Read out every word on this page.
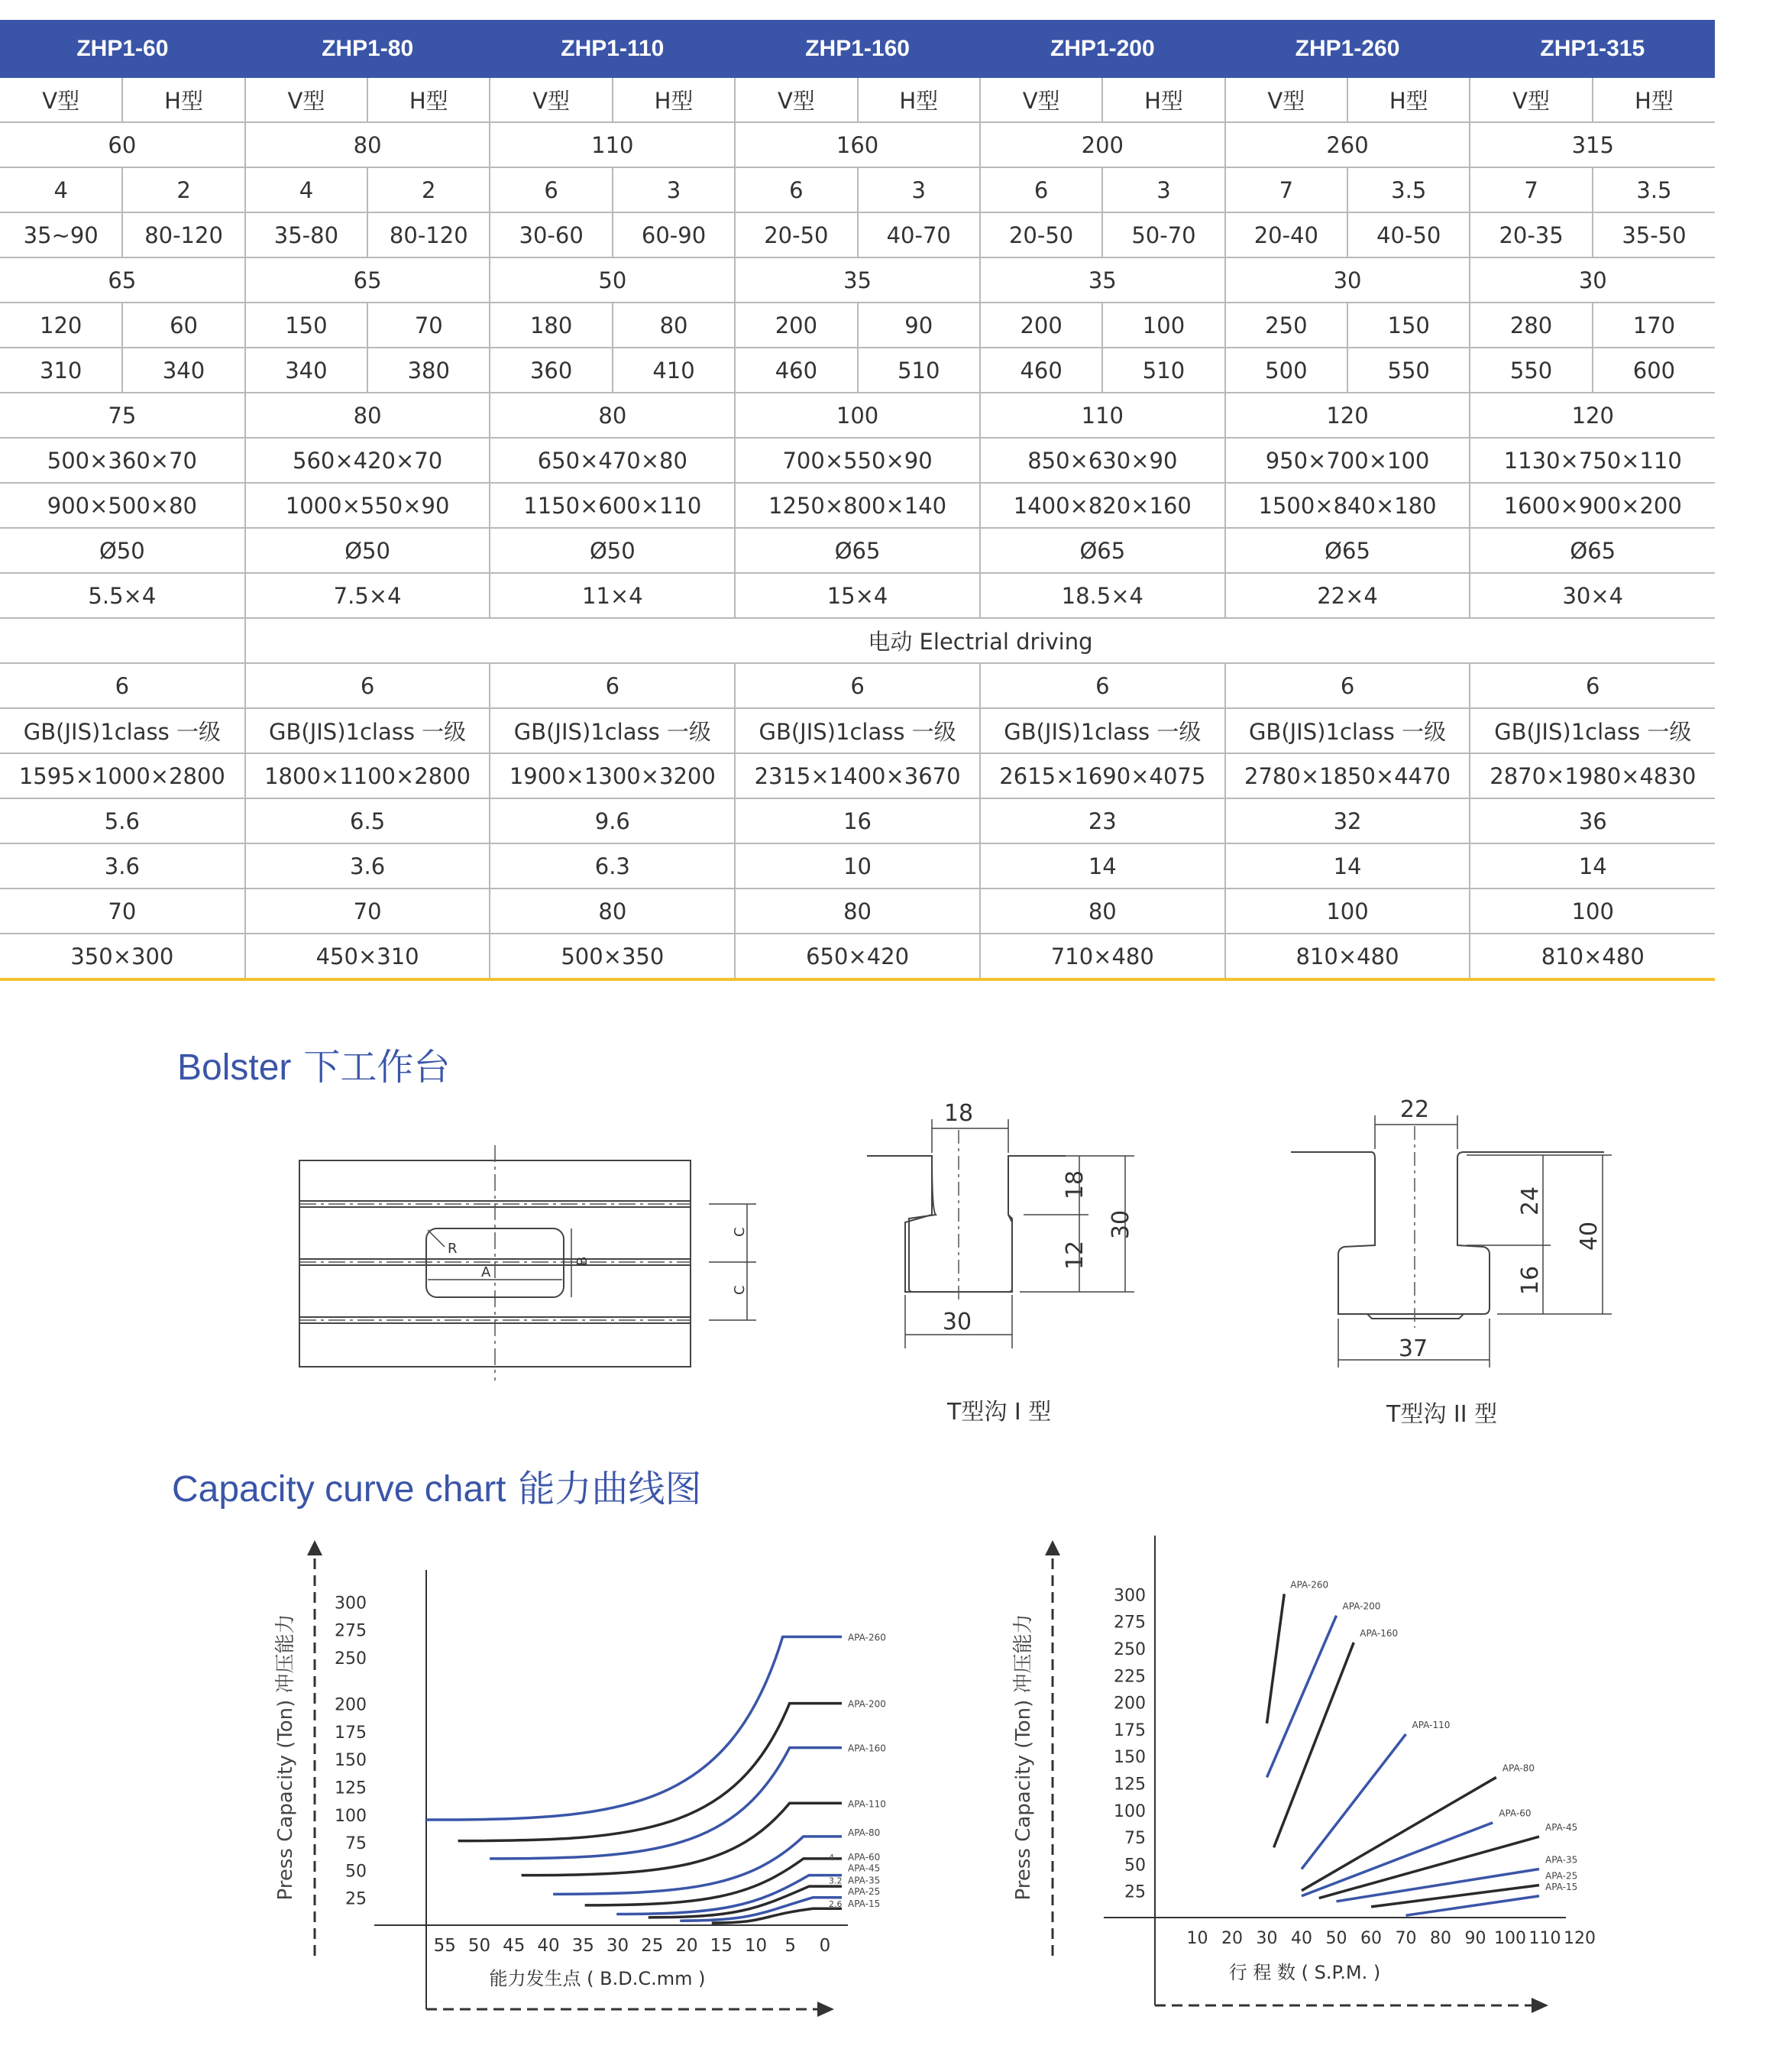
ZHP1-60		ZHP1-80		ZHP1-110		ZHP1-160		ZHP1-200		ZHP1-260		ZHP1-315	
V型	H型	V型	H型	V型	H型	V型	H型	V型	H型	V型	H型	V型	H型
60		80		110		160		200		260		315	
4	2	4	2	6	3	6	3	6	3	7	3.5	7	3.5
35~90	80-120	35-80	80-120	30-60	60-90	20-50	40-70	20-50	50-70	20-40	40-50	20-35	35-50
65		65		50		35		35		30		30	
120	60	150	70	180	80	200	90	200	100	250	150	280	170
310	340	340	380	360	410	460	510	460	510	500	550	550	600
75		80		80		100		110		120		120	
500×360×70		560×420×70		650×470×80		700×550×90		850×630×90		950×700×100		1130×750×110	
900×500×80		1000×550×90		1150×600×110		1250×800×140		1400×820×160		1500×840×180		1600×900×200	
Ø50		Ø50		Ø50		Ø65		Ø65		Ø65		Ø65	
5.5×4		7.5×4		11×4		15×4		18.5×4		22×4		30×4	
		电动 Electrial driving											
6		6		6		6		6		6		6	
GB(JIS)1class 一级		GB(JIS)1class 一级		GB(JIS)1class 一级		GB(JIS)1class 一级		GB(JIS)1class 一级		GB(JIS)1class 一级		GB(JIS)1class 一级	
1595×1000×2800		1800×1100×2800		1900×1300×3200		2315×1400×3670		2615×1690×4075		2780×1850×4470		2870×1980×4830	
5.6		6.5		9.6		16		23		32		36	
3.6		3.6		6.3		10		14		14		14	
70		70		80		80		80		100		100	
350×300		450×310		500×350		650×420		710×480		810×480		810×480	
Bolster 下工作台
R
A
B
C
C
18
30
18
12
30
T型沟 I 型
22
37
24
16
40
T型沟 II 型
Capacity curve chart 能力曲线图
Press Capacity (Ton) 冲压能力
能力发生点 ( B.D.C.mm )
300
275
250
200
175
150
125
100
75
50
25
55 50 45 40 35 30 25 20 15 10 5 0
APA-260
APA-200
APA-160
APA-110
APA-80
APA-60
APA-45
APA-35
APA-25
APA-15
4
3.2
2.6
Press Capacity (Ton) 冲压能力
行 程 数 ( S.P.M. )
300
275
250
225
200
175
150
125
100
75
50
25
10 20 30 40 50 60 70 80 90 100 110 120
APA-260
APA-200
APA-160
APA-110
APA-80
APA-60
APA-45
APA-35
APA-25
APA-15
